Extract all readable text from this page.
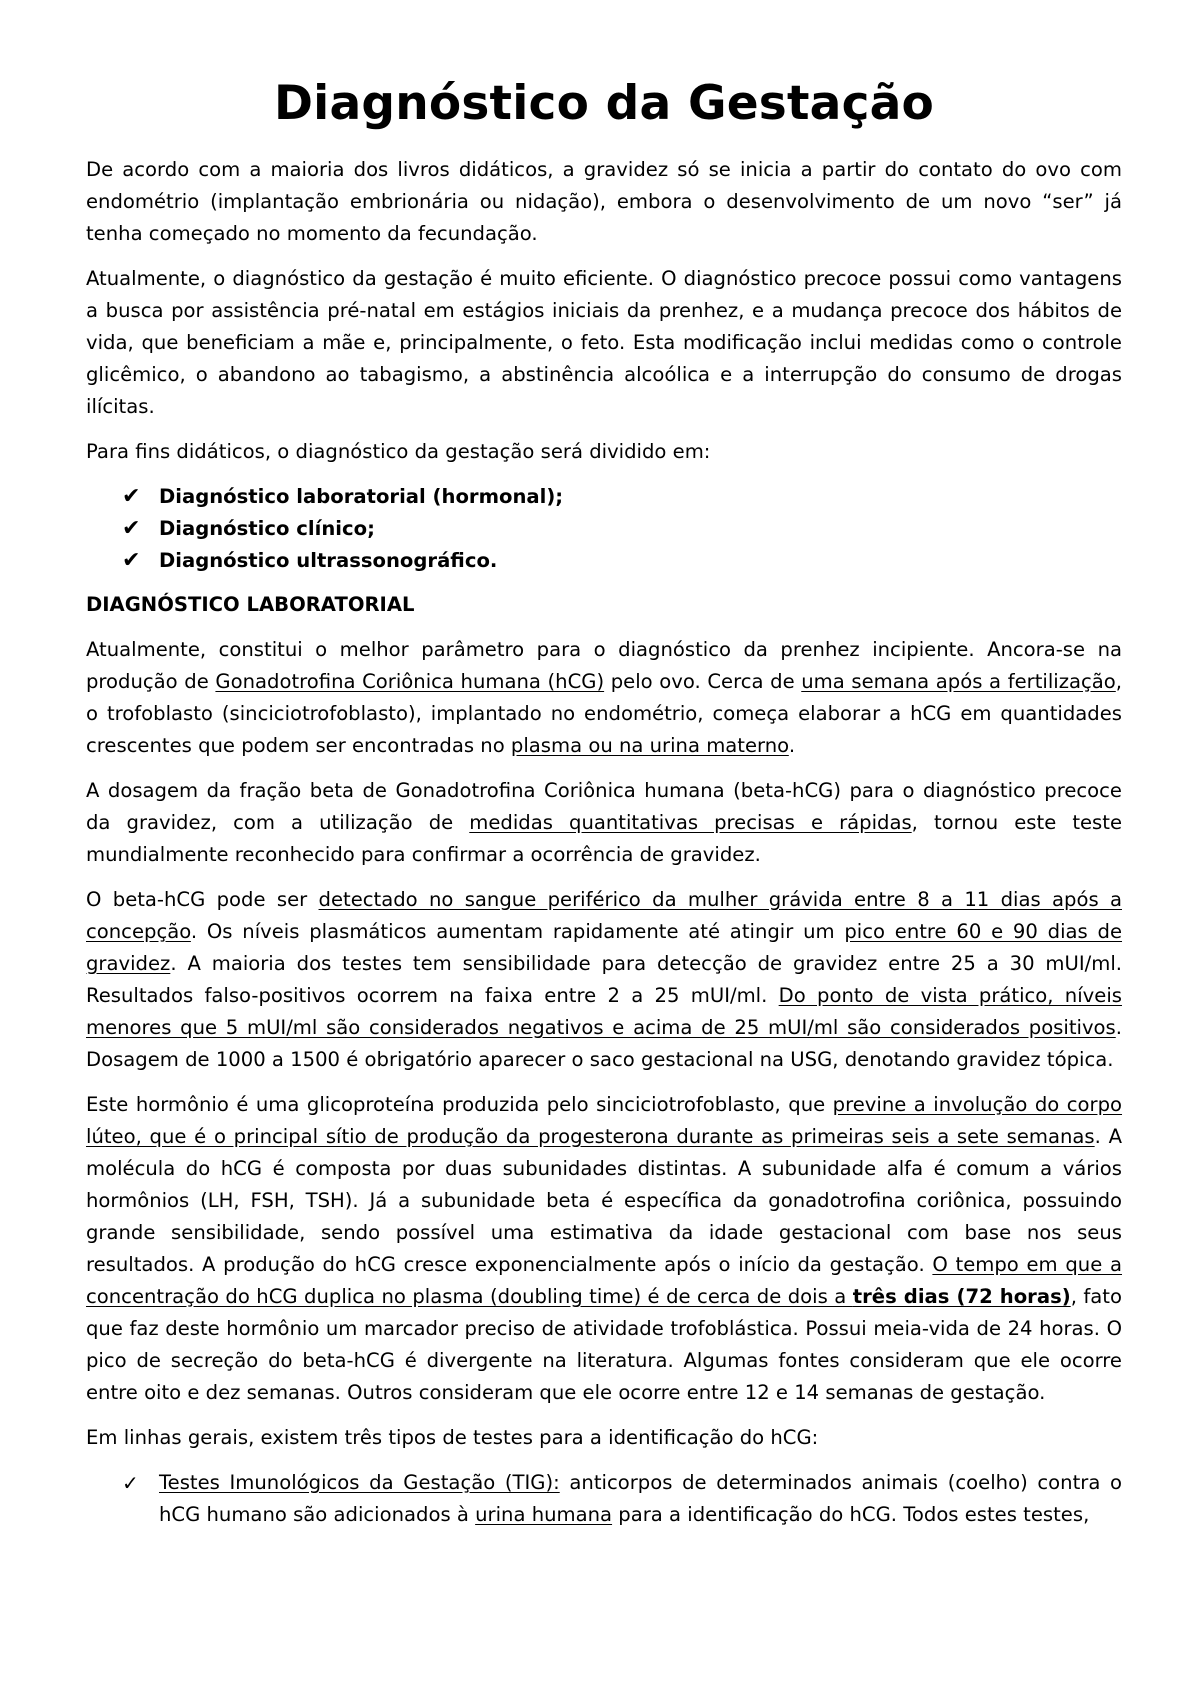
Diagnóstico da Gestação

De acordo com a maioria dos livros didáticos, a gravidez só se inicia a partir do contato do ovo com endométrio (implantação embrionária ou nidação), embora o desenvolvimento de um novo “ser” já tenha começado no momento da fecundação.

Atualmente, o diagnóstico da gestação é muito eficiente. O diagnóstico precoce possui como vantagens a busca por assistência pré-natal em estágios iniciais da prenhez, e a mudança precoce dos hábitos de vida, que beneficiam a mãe e, principalmente, o feto. Esta modificação inclui medidas como o controle glicêmico, o abandono ao tabagismo, a abstinência alcoólica e a interrupção do consumo de drogas ilícitas.

Para fins didáticos, o diagnóstico da gestação será dividido em:

✔ Diagnóstico laboratorial (hormonal);
✔ Diagnóstico clínico;
✔ Diagnóstico ultrassonográfico.

DIAGNÓSTICO LABORATORIAL

Atualmente, constitui o melhor parâmetro para o diagnóstico da prenhez incipiente. Ancora-se na produção de Gonadotrofina Coriônica humana (hCG) pelo ovo. Cerca de uma semana após a fertilização, o trofoblasto (sinciciotrofoblasto), implantado no endométrio, começa elaborar a hCG em quantidades crescentes que podem ser encontradas no plasma ou na urina materno.

A dosagem da fração beta de Gonadotrofina Coriônica humana (beta-hCG) para o diagnóstico precoce da gravidez, com a utilização de medidas quantitativas precisas e rápidas, tornou este teste mundialmente reconhecido para confirmar a ocorrência de gravidez.

O beta-hCG pode ser detectado no sangue periférico da mulher grávida entre 8 a 11 dias após a concepção. Os níveis plasmáticos aumentam rapidamente até atingir um pico entre 60 e 90 dias de gravidez. A maioria dos testes tem sensibilidade para detecção de gravidez entre 25 a 30 mUI/ml. Resultados falso-positivos ocorrem na faixa entre 2 a 25 mUI/ml. Do ponto de vista prático, níveis menores que 5 mUI/ml são considerados negativos e acima de 25 mUI/ml são considerados positivos. Dosagem de 1000 a 1500 é obrigatório aparecer o saco gestacional na USG, denotando gravidez tópica.

Este hormônio é uma glicoproteína produzida pelo sinciciotrofoblasto, que previne a involução do corpo lúteo, que é o principal sítio de produção da progesterona durante as primeiras seis a sete semanas. A molécula do hCG é composta por duas subunidades distintas. A subunidade alfa é comum a vários hormônios (LH, FSH, TSH). Já a subunidade beta é específica da gonadotrofina coriônica, possuindo grande sensibilidade, sendo possível uma estimativa da idade gestacional com base nos seus resultados. A produção do hCG cresce exponencialmente após o início da gestação. O tempo em que a concentração do hCG duplica no plasma (doubling time) é de cerca de dois a três dias (72 horas), fato que faz deste hormônio um marcador preciso de atividade trofoblástica. Possui meia-vida de 24 horas. O pico de secreção do beta-hCG é divergente na literatura. Algumas fontes consideram que ele ocorre entre oito e dez semanas. Outros consideram que ele ocorre entre 12 e 14 semanas de gestação.

Em linhas gerais, existem três tipos de testes para a identificação do hCG:

✓ Testes Imunológicos da Gestação (TIG): anticorpos de determinados animais (coelho) contra o hCG humano são adicionados à urina humana para a identificação do hCG. Todos estes testes,
